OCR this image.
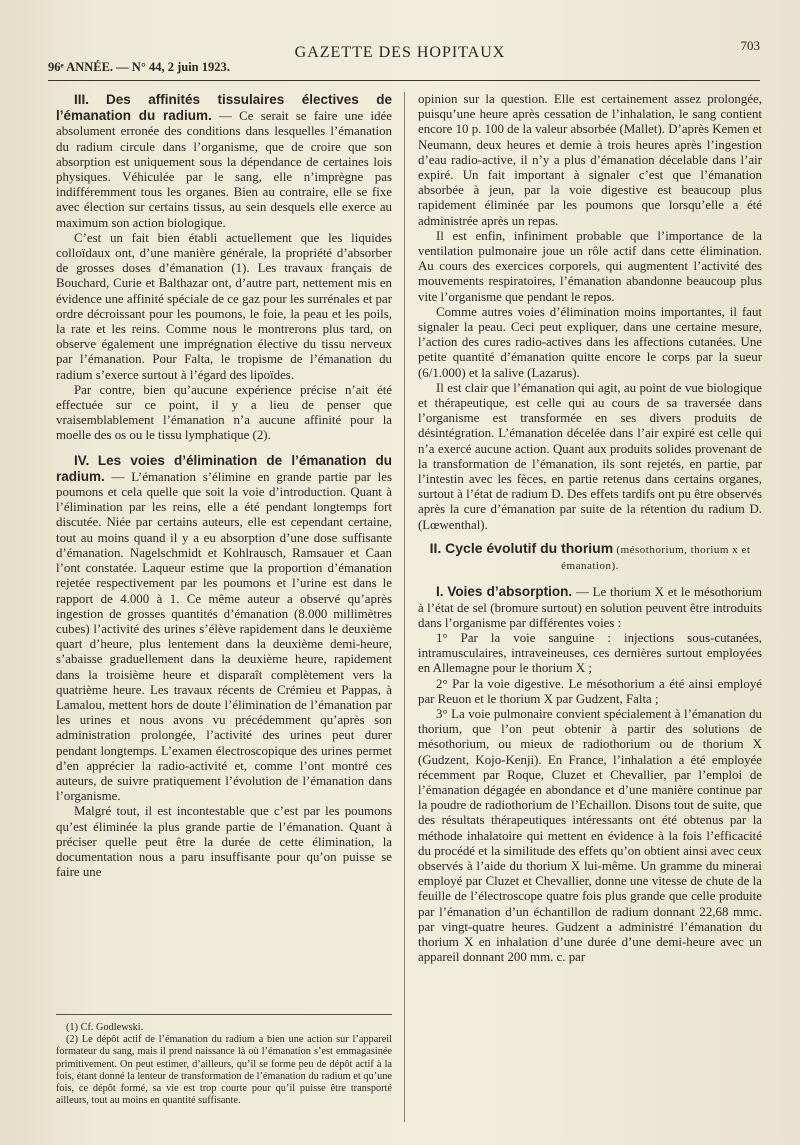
96ᵉ ANNÉE. — N° 44, 2 juin 1923.
GAZETTE DES HOPITAUX	703

III. Des affinités tissulaires électives de l’émanation du radium. — Ce serait se faire une idée absolument erronée des conditions dans lesquelles l’émanation du radium circule dans l’organisme, que de croire que son absorption est uniquement sous la dépendance de certaines lois physiques. Véhiculée par le sang, elle n’imprègne pas indifféremment tous les organes. Bien au contraire, elle se fixe avec élection sur certains tissus, au sein desquels elle exerce au maximum son action biologique.

C’est un fait bien établi actuellement que les liquides colloïdaux ont, d’une manière générale, la propriété d’absorber de grosses doses d’émanation (1). Les travaux français de Bouchard, Curie et Balthazar ont, d’autre part, nettement mis en évidence une affinité spéciale de ce gaz pour les surrénales et par ordre décroissant pour les poumons, le foie, la peau et les poils, la rate et les reins. Comme nous le montrerons plus tard, on observe également une imprégnation élective du tissu nerveux par l’émanation. Pour Falta, le tropisme de l’émanation du radium s’exerce surtout à l’égard des lipoïdes.

Par contre, bien qu’aucune expérience précise n’ait été effectuée sur ce point, il y a lieu de penser que vraisemblablement l’émanation n’a aucune affinité pour la moelle des os ou le tissu lymphatique (2).

IV. Les voies d’élimination de l’émanation du radium. — L’émanation s’élimine en grande partie par les poumons et cela quelle que soit la voie d’introduction. Quant à l’élimination par les reins, elle a été pendant longtemps fort discutée. Niée par certains auteurs, elle est cependant certaine, tout au moins quand il y a eu absorption d’une dose suffisante d’émanation. Nagelschmidt et Kohlrausch, Ramsauer et Caan l’ont constatée. Laqueur estime que la proportion d’émanation rejetée respectivement par les poumons et l’urine est dans le rapport de 4.000 à 1. Ce même auteur a observé qu’après ingestion de grosses quantités d’émanation (8.000 millimètres cubes) l’activité des urines s’élève rapidement dans le deuxième quart d’heure, plus lentement dans la deuxième demi-heure, s’abaisse graduellement dans la deuxième heure, rapidement dans la troisième heure et disparaît complètement vers la quatrième heure. Les travaux récents de Crémieu et Pappas, à Lamalou, mettent hors de doute l’élimination de l’émanation par les urines et nous avons vu précédemment qu’après son administration prolongée, l’activité des urines peut durer pendant longtemps. L’examen électroscopique des urines permet d’en apprécier la radio-activité et, comme l’ont montré ces auteurs, de suivre pratiquement l’évolution de l’émanation dans l’organisme.

Malgré tout, il est incontestable que c’est par les poumons qu’est éliminée la plus grande partie de l’émanation. Quant à préciser quelle peut être la durée de cette élimination, la documentation nous a paru insuffisante pour qu’on puisse se faire une

(1) Cf. Godlewski.

(2) Le dépôt actif de l’émanation du radium a bien une action sur l’appareil formateur du sang, mais il prend naissance là où l’émanation s’est emmagasinée primitivement. On peut estimer, d’ailleurs, qu’il se forme peu de dépôt actif à la fois, étant donné la lenteur de transformation de l’émanation du radium et qu’une fois, ce dépôt formé, sa vie est trop courte pour qu’il puisse être transporté ailleurs, tout au moins en quantité suffisante.

opinion sur la question. Elle est certainement assez prolongée, puisqu’une heure après cessation de l’inhalation, le sang contient encore 10 p. 100 de la valeur absorbée (Mallet). D’après Kemen et Neumann, deux heures et demie à trois heures après l’ingestion d’eau radio-active, il n’y a plus d’émanation décelable dans l’air expiré. Un fait important à signaler c’est que l’émanation absorbée à jeun, par la voie digestive est beaucoup plus rapidement éliminée par les poumons que lorsqu’elle a été administrée après un repas.

Il est enfin, infiniment probable que l’importance de la ventilation pulmonaire joue un rôle actif dans cette élimination. Au cours des exercices corporels, qui augmentent l’activité des mouvements respiratoires, l’émanation abandonne beaucoup plus vite l’organisme que pendant le repos.

Comme autres voies d’élimination moins importantes, il faut signaler la peau. Ceci peut expliquer, dans une certaine mesure, l’action des cures radio-actives dans les affections cutanées. Une petite quantité d’émanation quitte encore le corps par la sueur (6/1.000) et la salive (Lazarus).

Il est clair que l’émanation qui agit, au point de vue biologique et thérapeutique, est celle qui au cours de sa traversée dans l’organisme est transformée en ses divers produits de désintégration. L’émanation décelée dans l’air expiré est celle qui n’a exercé aucune action. Quant aux produits solides provenant de la transformation de l’émanation, ils sont rejetés, en partie, par l’intestin avec les fèces, en partie retenus dans certains organes, surtout à l’état de radium D. Des effets tardifs ont pu être observés après la cure d’émanation par suite de la rétention du radium D. (Lœwenthal).

II. Cycle évolutif du thorium (mésothorium, thorium x et émanation).

I. Voies d’absorption. — Le thorium X et le mésothorium à l’état de sel (bromure surtout) en solution peuvent être introduits dans l’organisme par différentes voies :

1° Par la voie sanguine : injections sous-cutanées, intramusculaires, intraveineuses, ces dernières surtout employées en Allemagne pour le thorium X ;

2° Par la voie digestive. Le mésothorium a été ainsi employé par Reuon et le thorium X par Gudzent, Falta ;

3° La voie pulmonaire convient spécialement à l’émanation du thorium, que l’on peut obtenir à partir des solutions de mésothorium, ou mieux de radiothorium ou de thorium X (Gudzent, Kojo-Kenji). En France, l’inhalation a été employée récemment par Roque, Cluzet et Chevallier, par l’emploi de l’émanation dégagée en abondance et d’une manière continue par la poudre de radiothorium de l’Echaillon. Disons tout de suite, que des résultats thérapeutiques intéressants ont été obtenus par la méthode inhalatoire qui mettent en évidence à la fois l’efficacité du procédé et la similitude des effets qu’on obtient ainsi avec ceux observés à l’aide du thorium X lui-même. Un gramme du minerai employé par Cluzet et Chevallier, donne une vitesse de chute de la feuille de l’électroscope quatre fois plus grande que celle produite par l’émanation d’un échantillon de radium donnant 22,68 mmc. par vingt-quatre heures. Gudzent a administré l’émanation du thorium X en inhalation d’une durée d’une demi-heure avec un appareil donnant 200 mm. c. par
